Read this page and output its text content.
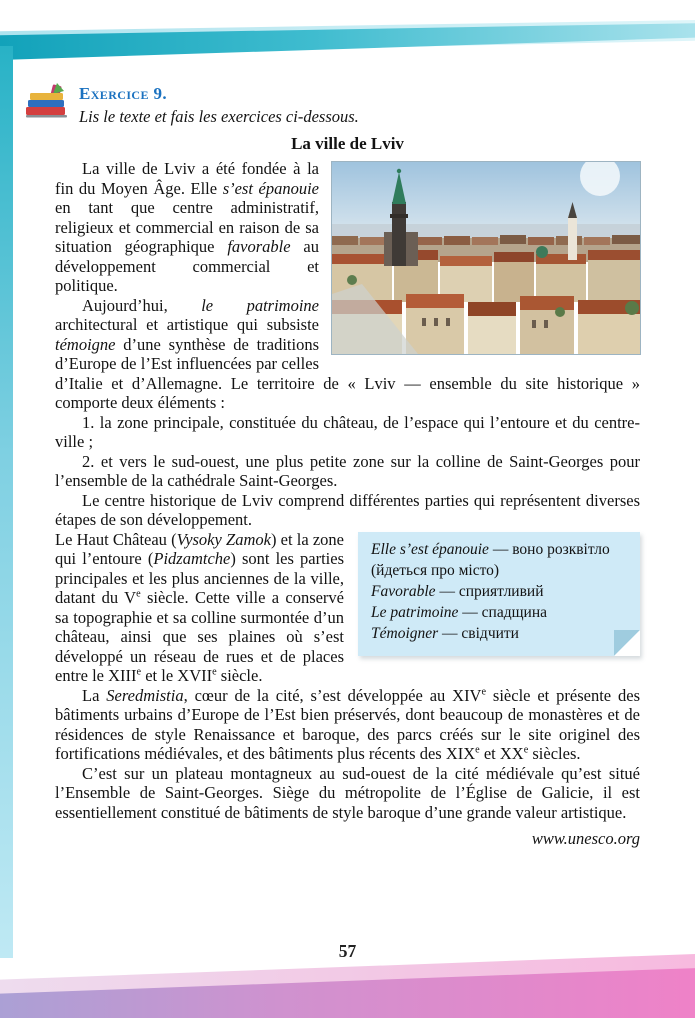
Exercice 9.
Lis le texte et fais les exercices ci-dessous.
La ville de Lviv

La ville de Lviv a été fondée à la fin du Moyen Âge. Elle s’est épanouie en tant que centre administratif, religieux et commercial en raison de sa situation géographique favorable au développement commercial et politique.

Aujourd’hui, le patrimoine architectural et artistique qui subsiste témoigne d’une synthèse de traditions d’Europe de l’Est influencées par celles d’Italie et d’Allemagne. Le territoire de « Lviv — ensemble du site historique » comporte deux éléments :

1. la zone principale, constituée du château, de l’espace qui l’entoure et du centre-ville ;

2. et vers le sud-ouest, une plus petite zone sur la colline de Saint-Georges pour l’ensemble de la cathédrale Saint-Georges.

Le centre historique de Lviv comprend différentes parties qui représentent diverses étapes de son développement.

Elle s’est épanouie — воно розквітло (йдеться про місто)
Favorable — сприятливий
Le patrimoine — спадщина
Témoigner — свідчити

Le Haut Château (Vysoky Zamok) et la zone qui l’entoure (Pidzamtche) sont les parties principales et les plus anciennes de la ville, datant du Ve siècle. Cette ville a conservé sa topographie et sa colline surmontée d’un château, ainsi que ses plaines où s’est développé un réseau de rues et de places entre le XIIIe et le XVIIe siècle.

La Seredmistia, cœur de la cité, s’est développée au XIVe siècle et présente des bâtiments urbains d’Europe de l’Est bien préservés, dont beaucoup de monastères et de résidences de style Renaissance et baroque, des parcs créés sur le site originel des fortifications médiévales, et des bâtiments plus récents des XIXe et XXe siècles.

C’est sur un plateau montagneux au sud-ouest de la cité médiévale qu’est situé l’Ensemble de Saint-Georges. Siège du métropolite de l’Église de Galicie, il est essentiellement constitué de bâtiments de style baroque d’une grande valeur artistique.

www.unesco.org
57
